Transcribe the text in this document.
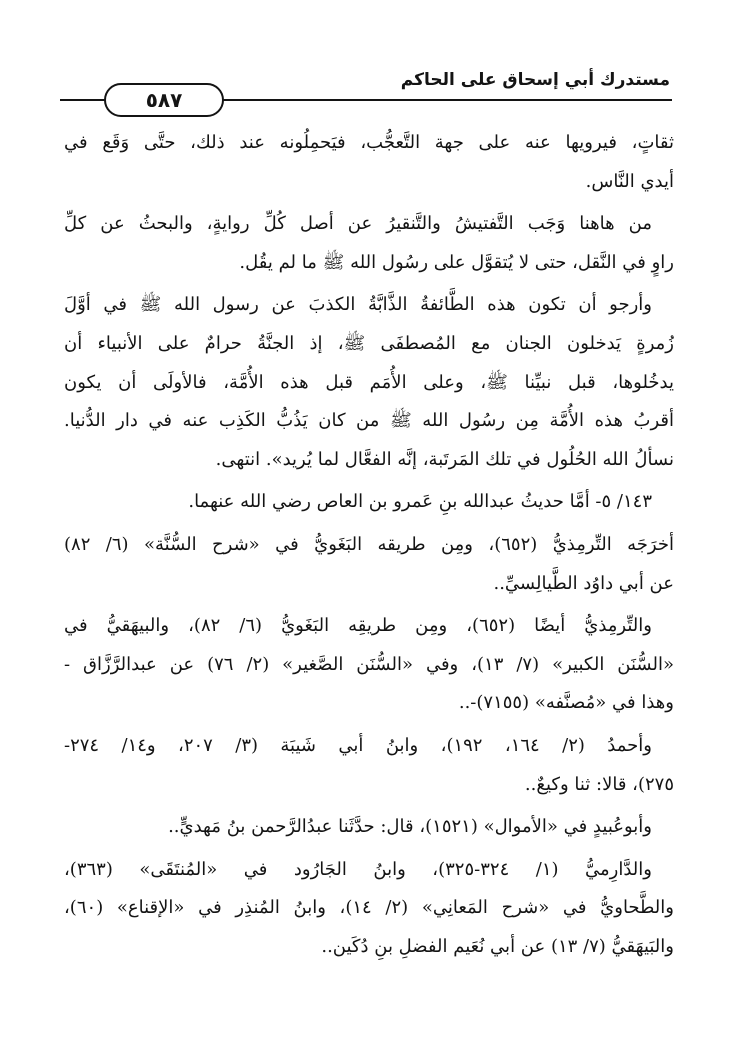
مستدرك أبي إسحاق على الحاكم
٥٨٧
ثقاتٍ، فيرويها عنه على جهة التَّعجُّب، فيَحمِلُونه عند ذلك، حتَّى وَقَع في
أيدي النَّاس.
من هاهنا وَجَب التَّفتيشُ والتَّنقيرُ عن أصل كُلِّ روايةٍ، والبحثُ عن كلِّ
راوٍ في النَّقل، حتى لا يُتقوَّل على رسُول الله ﷺ ما لم يقُل.
وأرجو أن تكون هذه الطَّائفةُ الذَّابَّةُ الكذبَ عن رسول الله ﷺ في أوَّلَ
زُمرةٍ يَدخلون الجنان مع المُصطفَى ﷺ، إذ الجنَّةُ حرامٌ على الأنبياء أن
يدخُلوها، قبل نبيِّنا ﷺ، وعلى الأُمَم قبل هذه الأُمَّة، فالأولَى أن يكون
أقربُ هذه الأُمَّة مِن رسُول الله ﷺ من كان يَذُبُّ الكَذِب عنه في دار الدُّنيا.
نسألُ الله الحُلُول في تلك المَرتَبة، إنَّه الفعَّال لما يُريد». انتهى.
١٤٣/ ٥- أمَّا حديثُ عبدالله بنِ عَمرو بن العاص رضي الله عنهما.
أخرَجَه التِّرمِذيُّ (٦٥٢)، ومِن طريقه البَغَويُّ في «شرح السُّنَّة» (٦/ ٨٢)
عن أبي داوُد الطَّيالِسيِّ..
والتِّرمِذيُّ أيضًا (٦٥٢)، ومِن طريقِه البَغَويُّ (٦/ ٨٢)، والبيهَقيُّ في
«السُّنَن الكبير» (٧/ ١٣)، وفي «السُّنَن الصَّغير» (٢/ ٧٦) عن عبدالرَّزَّاق -
وهذا في «مُصنَّفه» (٧١٥٥)-..
وأحمدُ (٢/ ١٦٤، ١٩٢)، وابنُ أبي شَيبَة (٣/ ٢٠٧، و١٤/ ٢٧٤-
٢٧٥)، قالا: ثنا وكيعٌ..
وأبوعُبيدٍ في «الأموال» (١٥٢١)، قال: حدَّثَنا عبدُالرَّحمن بنُ مَهديٍّ..
والدَّارِميُّ (١/ ٣٢٤-٣٢٥)، وابنُ الجَارُود في «المُنتَقَى» (٣٦٣)،
والطَّحاويُّ في «شرح المَعانِي» (٢/ ١٤)، وابنُ المُنذِر في «الإقناع» (٦٠)،
والبَيهَقيُّ (٧/ ١٣) عن أبي نُعَيم الفضلِ بنِ دُكَين..
